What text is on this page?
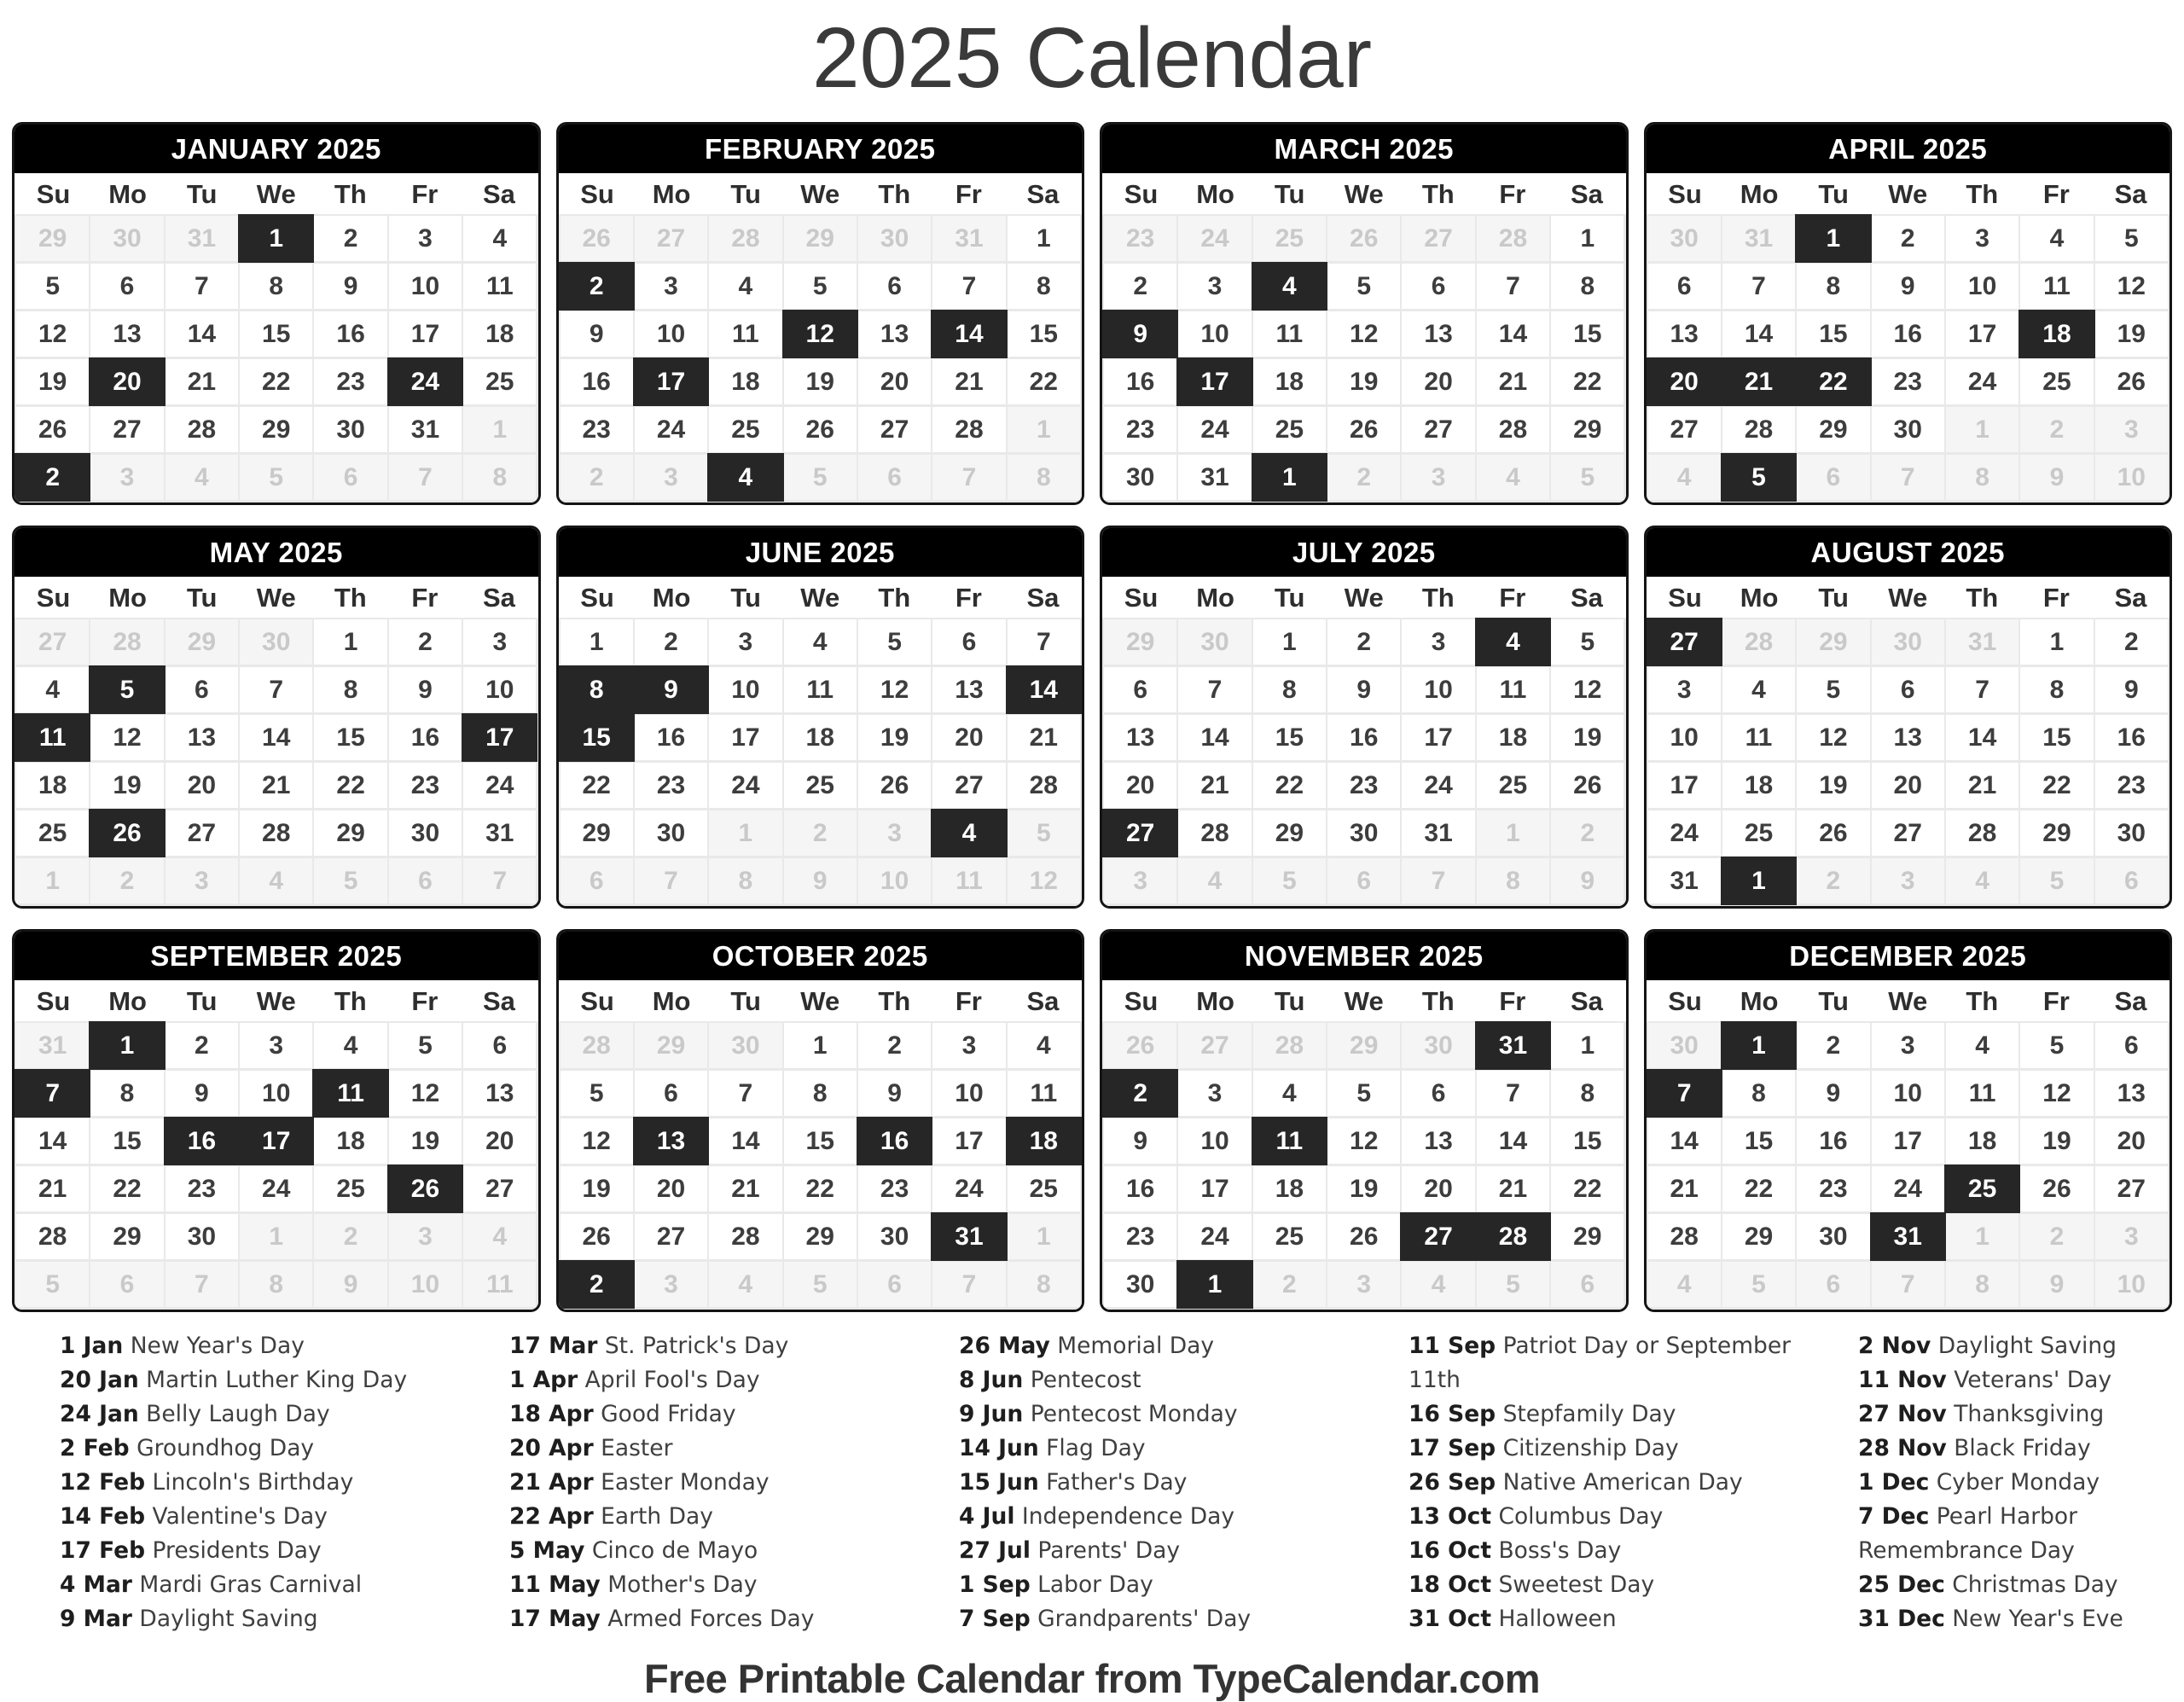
2025 Calendar
JANUARY 2025
Su	Mo	Tu	We	Th	Fr	Sa
29	30	31	1	2	3	4
5	6	7	8	9	10	11
12	13	14	15	16	17	18
19	20	21	22	23	24	25
26	27	28	29	30	31	1
2	3	4	5	6	7	8
FEBRUARY 2025
Su	Mo	Tu	We	Th	Fr	Sa
26	27	28	29	30	31	1
2	3	4	5	6	7	8
9	10	11	12	13	14	15
16	17	18	19	20	21	22
23	24	25	26	27	28	1
2	3	4	5	6	7	8
MARCH 2025
Su	Mo	Tu	We	Th	Fr	Sa
23	24	25	26	27	28	1
2	3	4	5	6	7	8
9	10	11	12	13	14	15
16	17	18	19	20	21	22
23	24	25	26	27	28	29
30	31	1	2	3	4	5
APRIL 2025
Su	Mo	Tu	We	Th	Fr	Sa
30	31	1	2	3	4	5
6	7	8	9	10	11	12
13	14	15	16	17	18	19
20	21	22	23	24	25	26
27	28	29	30	1	2	3
4	5	6	7	8	9	10
MAY 2025
Su	Mo	Tu	We	Th	Fr	Sa
27	28	29	30	1	2	3
4	5	6	7	8	9	10
11	12	13	14	15	16	17
18	19	20	21	22	23	24
25	26	27	28	29	30	31
1	2	3	4	5	6	7
JUNE 2025
Su	Mo	Tu	We	Th	Fr	Sa
1	2	3	4	5	6	7
8	9	10	11	12	13	14
15	16	17	18	19	20	21
22	23	24	25	26	27	28
29	30	1	2	3	4	5
6	7	8	9	10	11	12
JULY 2025
Su	Mo	Tu	We	Th	Fr	Sa
29	30	1	2	3	4	5
6	7	8	9	10	11	12
13	14	15	16	17	18	19
20	21	22	23	24	25	26
27	28	29	30	31	1	2
3	4	5	6	7	8	9
AUGUST 2025
Su	Mo	Tu	We	Th	Fr	Sa
27	28	29	30	31	1	2
3	4	5	6	7	8	9
10	11	12	13	14	15	16
17	18	19	20	21	22	23
24	25	26	27	28	29	30
31	1	2	3	4	5	6
SEPTEMBER 2025
Su	Mo	Tu	We	Th	Fr	Sa
31	1	2	3	4	5	6
7	8	9	10	11	12	13
14	15	16	17	18	19	20
21	22	23	24	25	26	27
28	29	30	1	2	3	4
5	6	7	8	9	10	11
OCTOBER 2025
Su	Mo	Tu	We	Th	Fr	Sa
28	29	30	1	2	3	4
5	6	7	8	9	10	11
12	13	14	15	16	17	18
19	20	21	22	23	24	25
26	27	28	29	30	31	1
2	3	4	5	6	7	8
NOVEMBER 2025
Su	Mo	Tu	We	Th	Fr	Sa
26	27	28	29	30	31	1
2	3	4	5	6	7	8
9	10	11	12	13	14	15
16	17	18	19	20	21	22
23	24	25	26	27	28	29
30	1	2	3	4	5	6
DECEMBER 2025
Su	Mo	Tu	We	Th	Fr	Sa
30	1	2	3	4	5	6
7	8	9	10	11	12	13
14	15	16	17	18	19	20
21	22	23	24	25	26	27
28	29	30	31	1	2	3
4	5	6	7	8	9	10
1 Jan New Year's Day
20 Jan Martin Luther King Day
24 Jan Belly Laugh Day
2 Feb Groundhog Day
12 Feb Lincoln's Birthday
14 Feb Valentine's Day
17 Feb Presidents Day
4 Mar Mardi Gras Carnival
9 Mar Daylight Saving
17 Mar St. Patrick's Day
1 Apr April Fool's Day
18 Apr Good Friday
20 Apr Easter
21 Apr Easter Monday
22 Apr Earth Day
5 May Cinco de Mayo
11 May Mother's Day
17 May Armed Forces Day
26 May Memorial Day
8 Jun Pentecost
9 Jun Pentecost Monday
14 Jun Flag Day
15 Jun Father's Day
4 Jul Independence Day
27 Jul Parents' Day
1 Sep Labor Day
7 Sep Grandparents' Day
11 Sep Patriot Day or September 11th
16 Sep Stepfamily Day
17 Sep Citizenship Day
26 Sep Native American Day
13 Oct Columbus Day
16 Oct Boss's Day
18 Oct Sweetest Day
31 Oct Halloween
2 Nov Daylight Saving
11 Nov Veterans' Day
27 Nov Thanksgiving
28 Nov Black Friday
1 Dec Cyber Monday
7 Dec Pearl Harbor Remembrance Day
25 Dec Christmas Day
31 Dec New Year's Eve
Free Printable Calendar from TypeCalendar.com
